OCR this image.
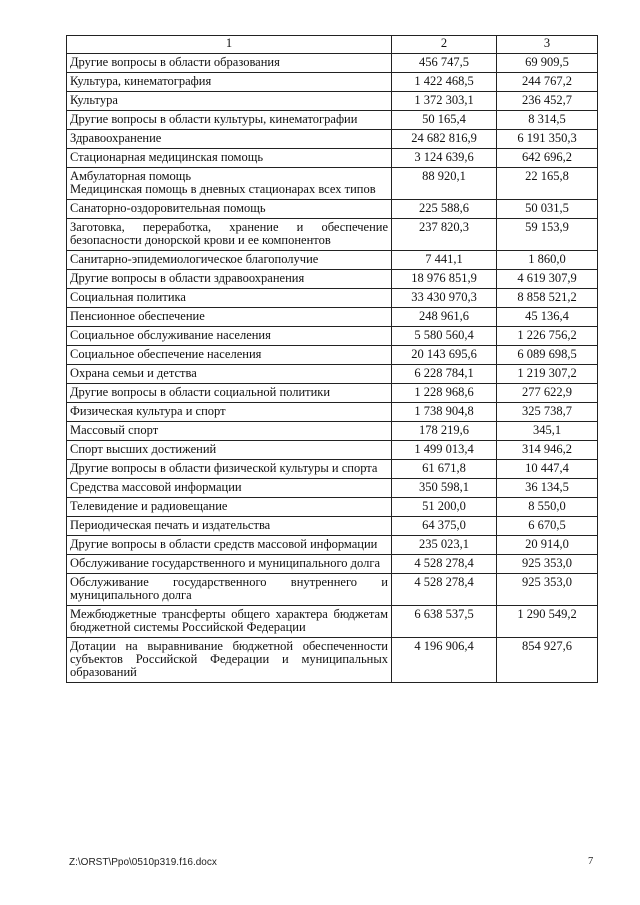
1	2	3
Другие вопросы в области образования	456 747,5	69 909,5
Культура, кинематография	1 422 468,5	244 767,2
Культура	1 372 303,1	236 452,7
Другие вопросы в области культуры, кинематографии	50 165,4	8 314,5
Здравоохранение	24 682 816,9	6 191 350,3
Стационарная медицинская помощь	3 124 639,6	642 696,2
Амбулаторная помощь
Медицинская помощь в дневных стационарах всех типов	88 920,1	22 165,8
Санаторно-оздоровительная помощь	225 588,6	50 031,5
Заготовка, переработка, хранение и обеспечение безопасности донорской крови и ее компонентов	237 820,3	59 153,9
Санитарно-эпидемиологическое благополучие	7 441,1	1 860,0
Другие вопросы в области здравоохранения	18 976 851,9	4 619 307,9
Социальная политика	33 430 970,3	8 858 521,2
Пенсионное обеспечение	248 961,6	45 136,4
Социальное обслуживание населения	5 580 560,4	1 226 756,2
Социальное обеспечение населения	20 143 695,6	6 089 698,5
Охрана семьи и детства	6 228 784,1	1 219 307,2
Другие вопросы в области социальной политики	1 228 968,6	277 622,9
Физическая культура и спорт	1 738 904,8	325 738,7
Массовый спорт	178 219,6	345,1
Спорт высших достижений	1 499 013,4	314 946,2
Другие вопросы в области физической культуры и спорта	61 671,8	10 447,4
Средства массовой информации	350 598,1	36 134,5
Телевидение и радиовещание	51 200,0	8 550,0
Периодическая печать и издательства	64 375,0	6 670,5
Другие вопросы в области средств массовой информации	235 023,1	20 914,0
Обслуживание государственного и муниципального долга	4 528 278,4	925 353,0
Обслуживание государственного внутреннего и муниципального долга	4 528 278,4	925 353,0
Межбюджетные трансферты общего характера бюджетам бюджетной системы Российской Федерации	6 638 537,5	1 290 549,2
Дотации на выравнивание бюджетной обеспеченности субъектов Российской Федерации и муниципальных образований	4 196 906,4	854 927,6
Z:\ORST\Ppo\0510p319.f16.docx	7
